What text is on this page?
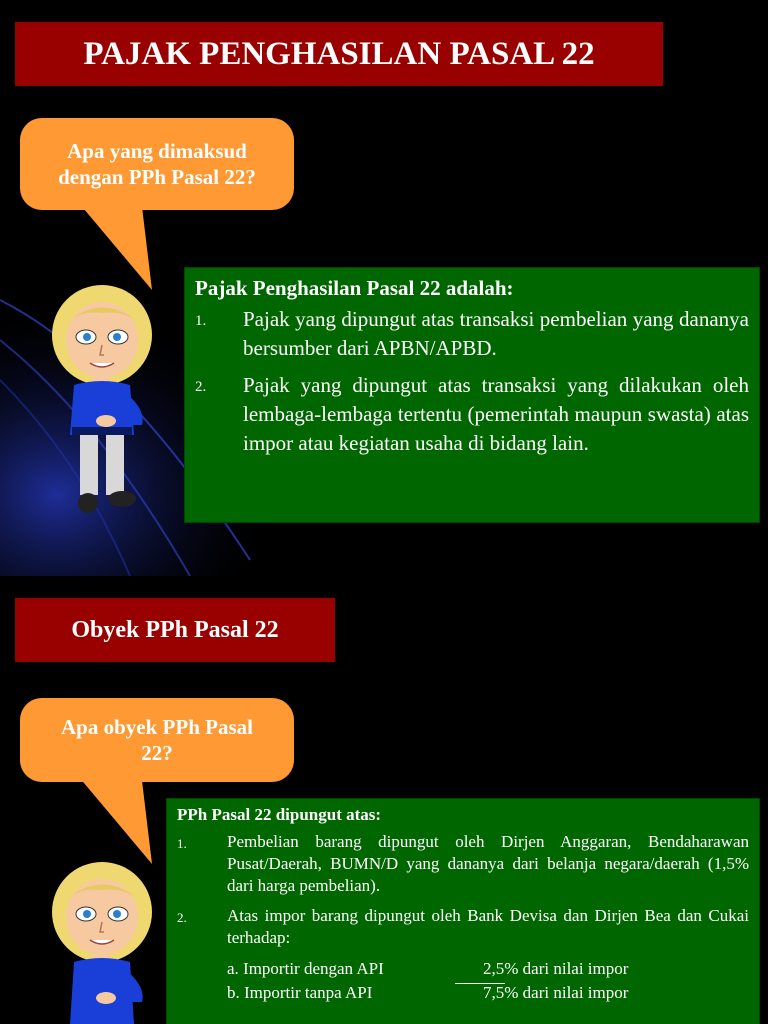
PAJAK PENGHASILAN PASAL 22
Apa yang dimaksud dengan PPh Pasal 22?
Pajak Penghasilan Pasal 22 adalah:
1.	Pajak yang dipungut atas transaksi pembelian yang dananya bersumber dari APBN/APBD.
2.	Pajak yang dipungut atas transaksi yang dilakukan oleh lembaga-lembaga tertentu (pemerintah maupun swasta) atas impor atau kegiatan usaha di bidang lain.
Obyek PPh Pasal 22
Apa obyek PPh Pasal 22?
PPh Pasal 22 dipungut atas:
1.	Pembelian barang dipungut oleh Dirjen Anggaran, Bendaharawan Pusat/Daerah, BUMN/D yang dananya dari belanja negara/daerah (1,5% dari harga pembelian).
2.	Atas impor barang dipungut oleh Bank Devisa dan Dirjen Bea dan Cukai terhadap:
a. Importir dengan API	2,5% dari nilai impor
b. Importir tanpa API	7,5% dari nilai impor
